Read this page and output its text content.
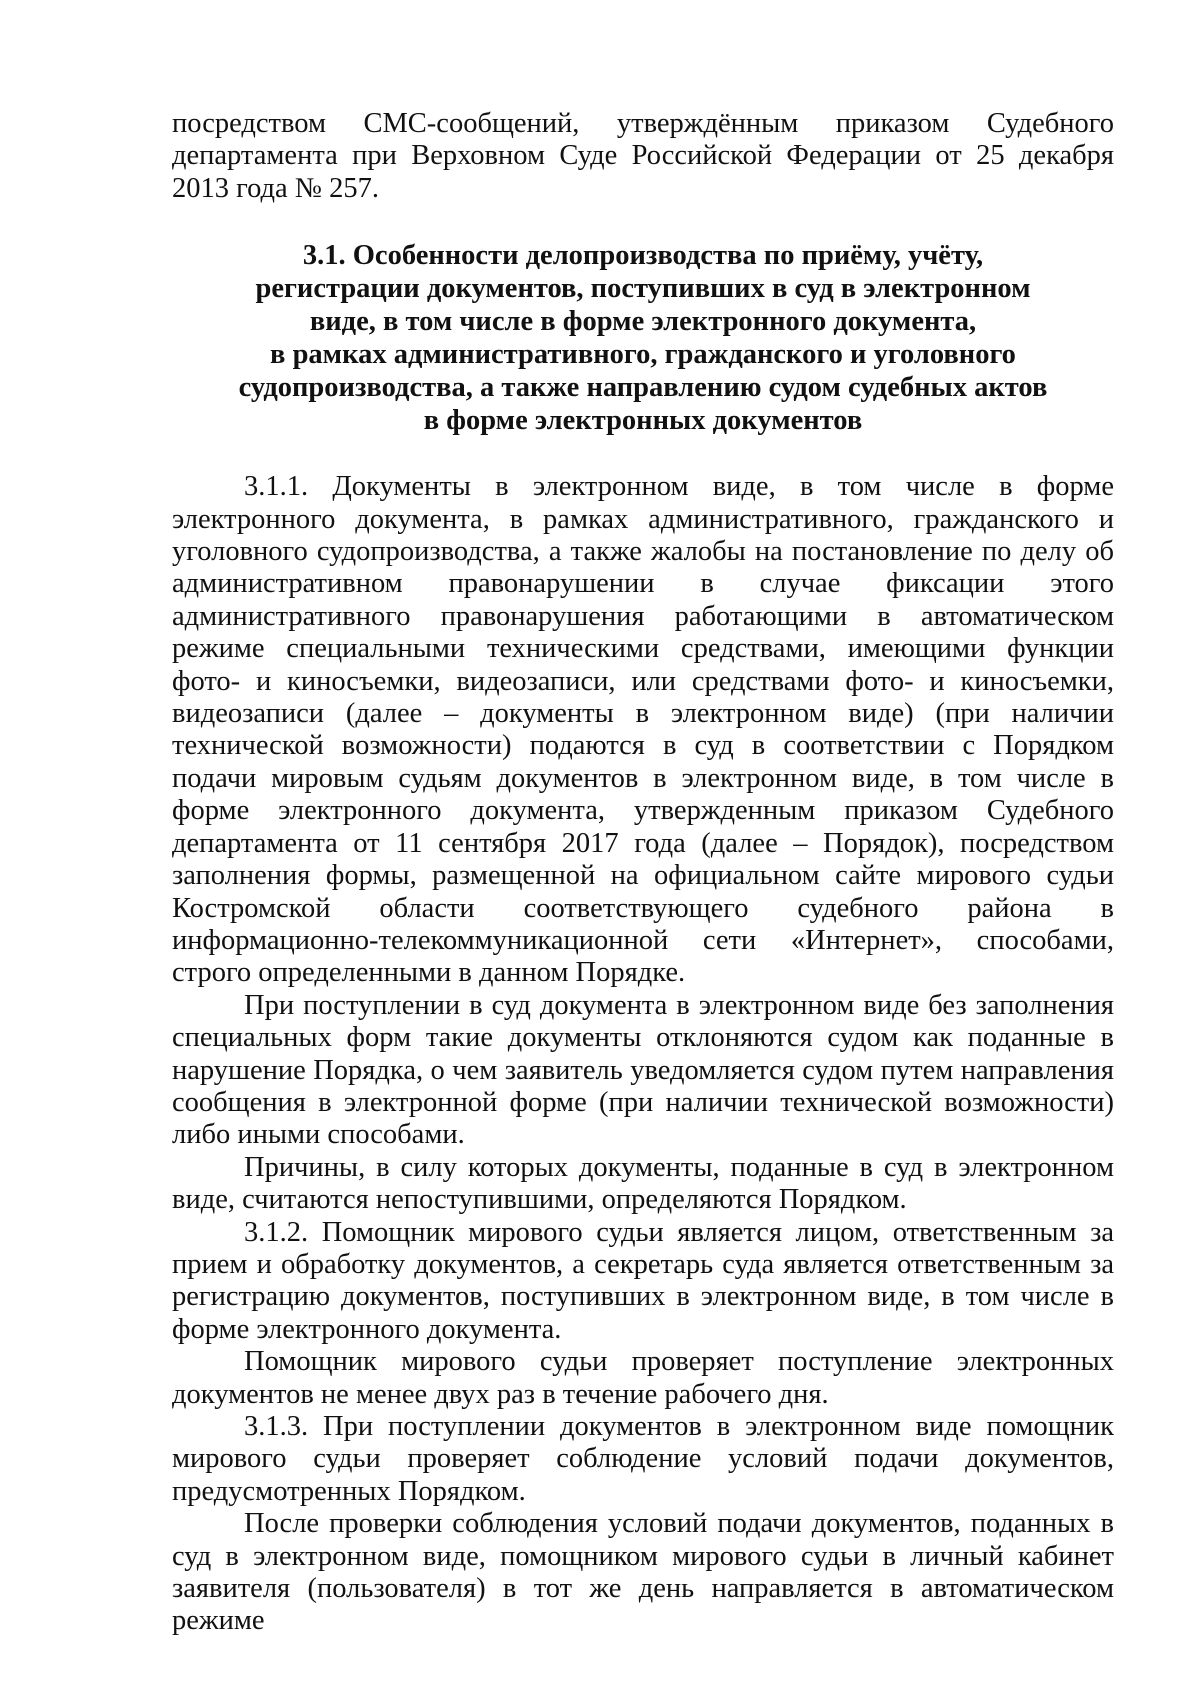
посредством СМС-сообщений, утверждённым приказом Судебного департамента при Верховном Суде Российской Федерации от 25 декабря 2013 года № 257.

3.1. Особенности делопроизводства по приёму, учёту,
регистрации документов, поступивших в суд в электронном
виде, в том числе в форме электронного документа,
в рамках административного, гражданского и уголовного
судопроизводства, а также направлению судом судебных актов
в форме электронных документов

3.1.1. Документы в электронном виде, в том числе в форме электронного документа, в рамках административного, гражданского и уголовного судопроизводства, а также жалобы на постановление по делу об административном правонарушении в случае фиксации этого административного правонарушения работающими в автоматическом режиме специальными техническими средствами, имеющими функции фото- и киносъемки, видеозаписи, или средствами фото- и киносъемки, видеозаписи (далее – документы в электронном виде) (при наличии технической возможности) подаются в суд в соответствии с Порядком подачи мировым судьям документов в электронном виде, в том числе в форме электронного документа, утвержденным приказом Судебного департамента от 11 сентября 2017 года (далее – Порядок), посредством заполнения формы, размещенной на официальном сайте мирового судьи Костромской области соответствующего судебного района в информационно-телекоммуникационной сети «Интернет», способами, строго определенными в данном Порядке.

При поступлении в суд документа в электронном виде без заполнения специальных форм такие документы отклоняются судом как поданные в нарушение Порядка, о чем заявитель уведомляется судом путем направления сообщения в электронной форме (при наличии технической возможности) либо иными способами.

Причины, в силу которых документы, поданные в суд в электронном виде, считаются непоступившими, определяются Порядком.

3.1.2. Помощник мирового судьи является лицом, ответственным за прием и обработку документов, а секретарь суда является ответственным за регистрацию документов, поступивших в электронном виде, в том числе в форме электронного документа.

Помощник мирового судьи проверяет поступление электронных документов не менее двух раз в течение рабочего дня.

3.1.3. При поступлении документов в электронном виде помощник мирового судьи проверяет соблюдение условий подачи документов, предусмотренных Порядком.

После проверки соблюдения условий подачи документов, поданных в суд в электронном виде, помощником мирового судьи в личный кабинет заявителя (пользователя) в тот же день направляется в автоматическом режиме
